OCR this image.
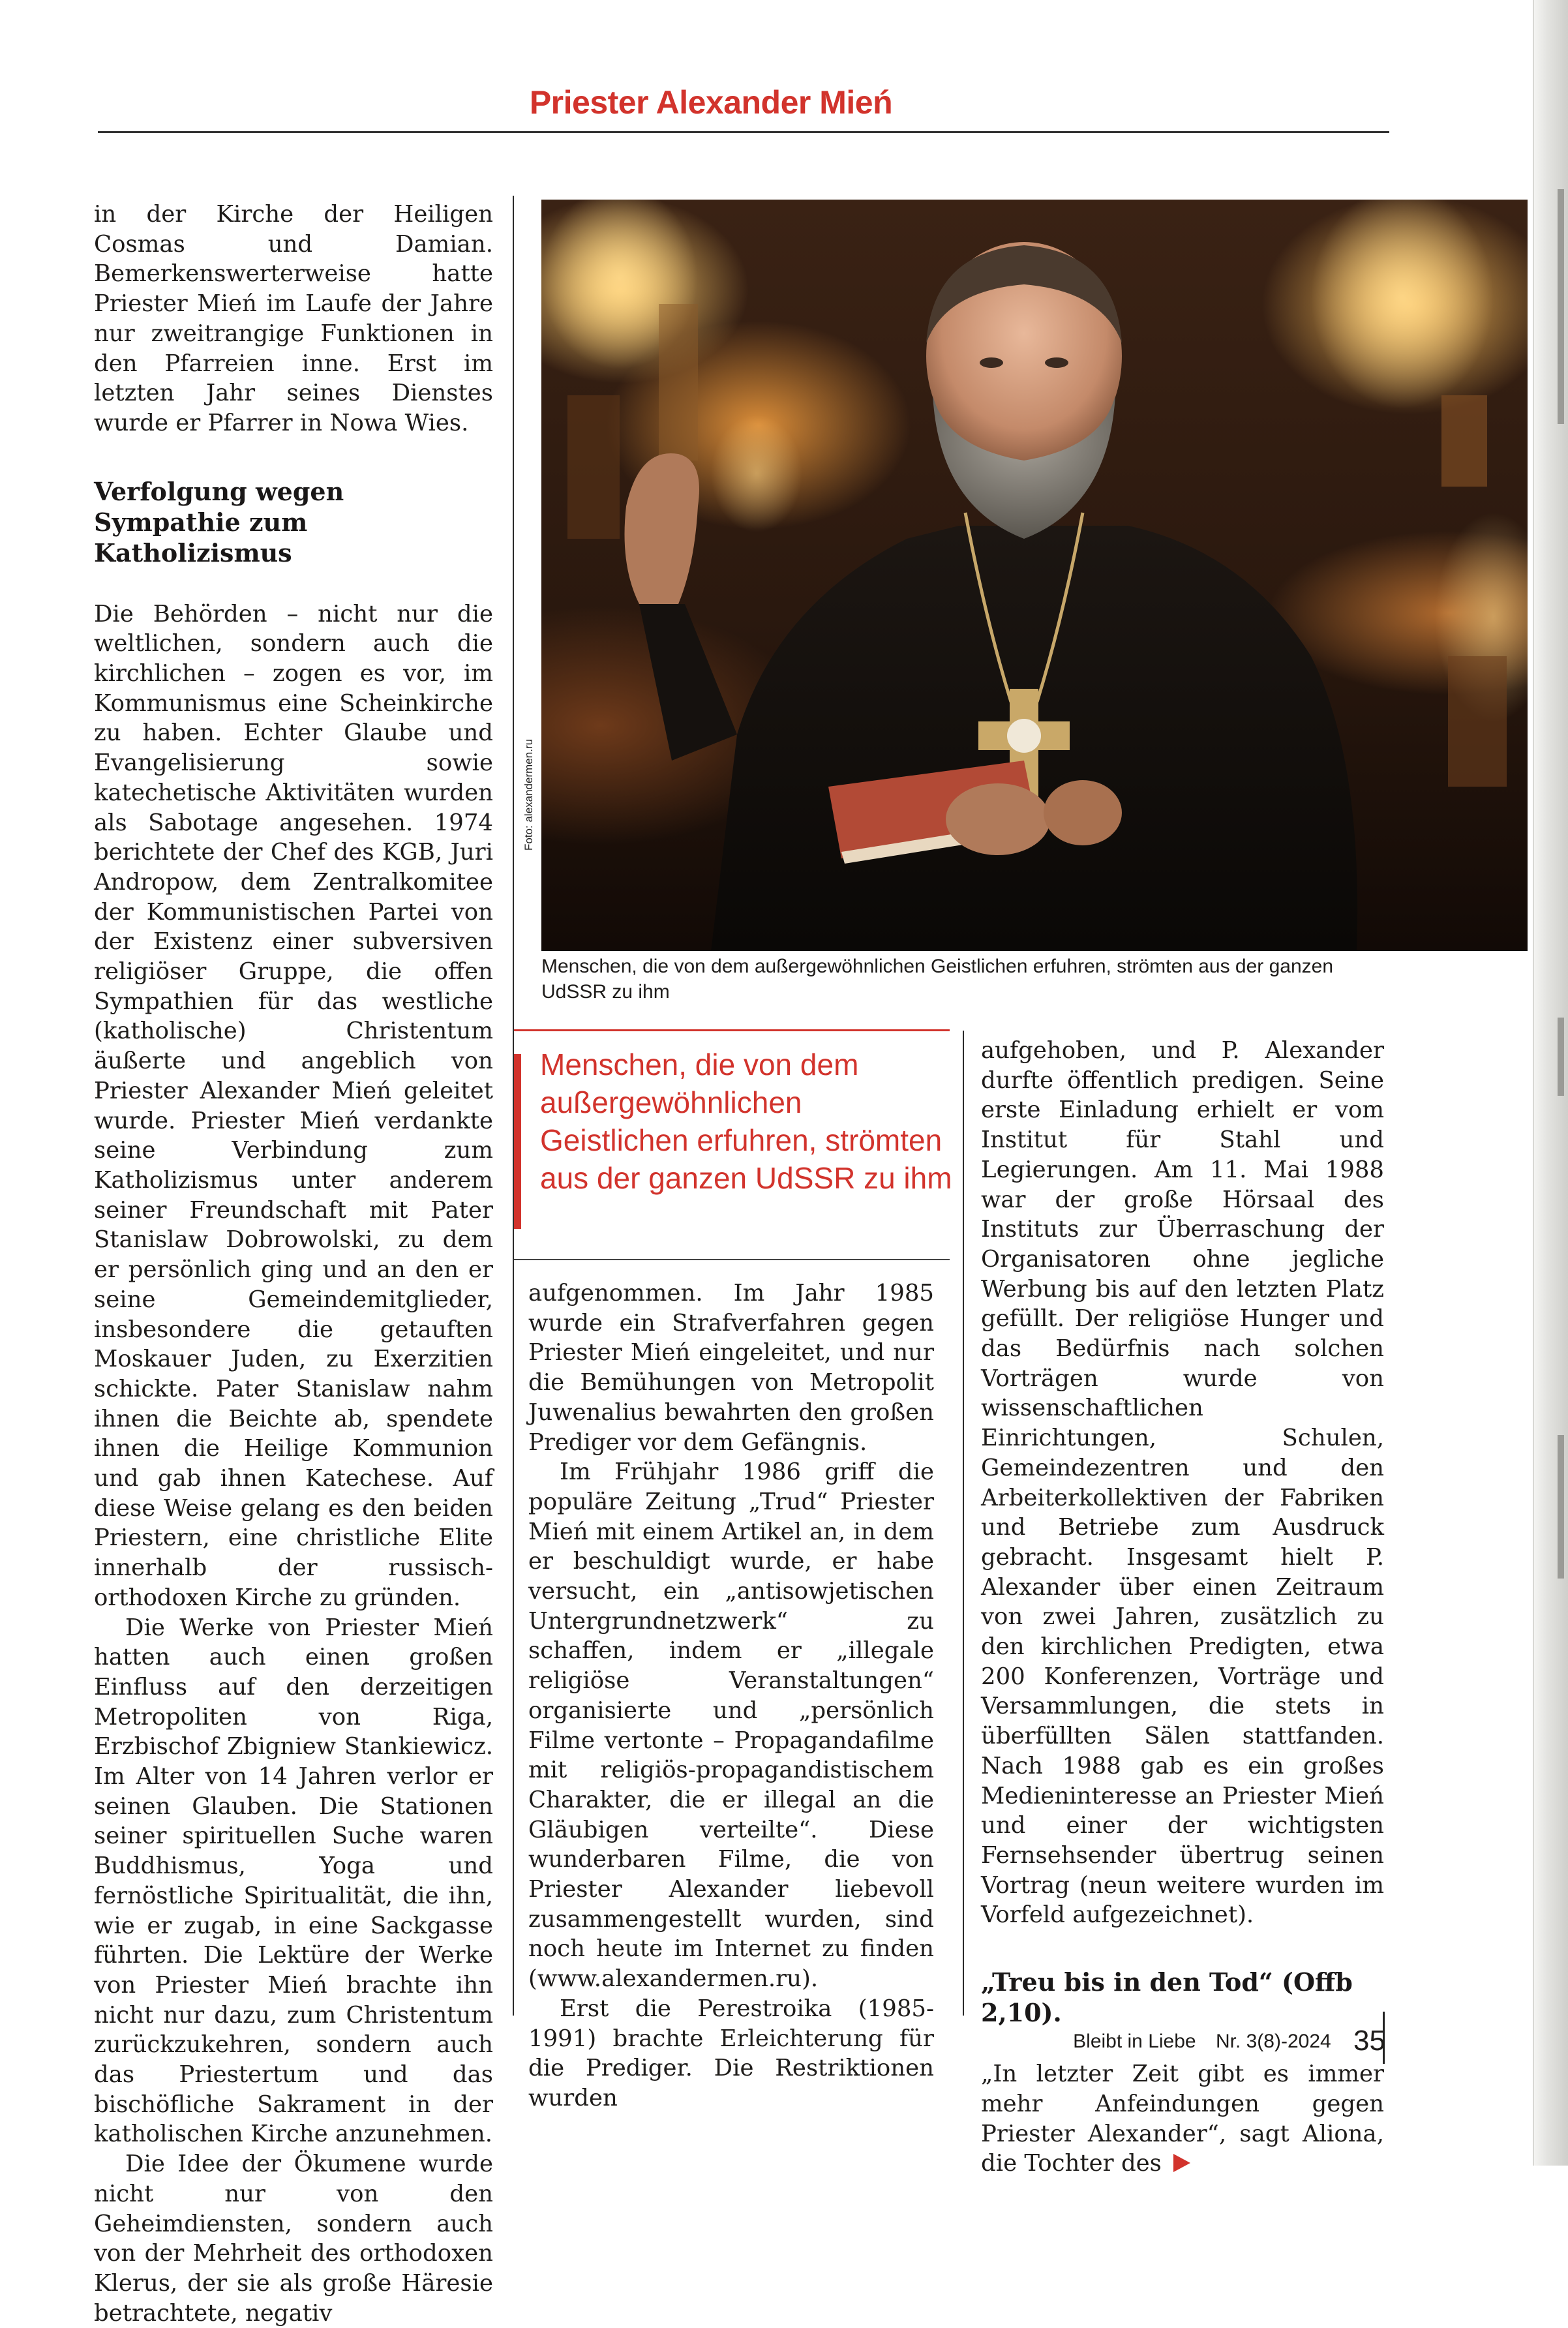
Priester Alexander Mień

in der Kirche der Heiligen Cosmas und Damian. Bemerkenswerterweise hatte Priester Mień im Laufe der Jahre nur zweitrangige Funktionen in den Pfarreien inne. Erst im letzten Jahr seines Dienstes wurde er Pfarrer in Nowa Wies.

Verfolgung wegen Sympathie zum Katholizismus

Die Behörden – nicht nur die weltlichen, sondern auch die kirchlichen – zogen es vor, im Kommunismus eine Scheinkirche zu haben. Echter Glaube und Evangelisierung sowie katechetische Aktivitäten wurden als Sabotage angesehen. 1974 berichtete der Chef des KGB, Juri Andropow, dem Zentralkomitee der Kommunistischen Partei von der Existenz einer subversiven religiöser Gruppe, die offen Sympathien für das westliche (katholische) Christentum äußerte und angeblich von Priester Alexander Mień geleitet wurde. Priester Mień verdankte seine Verbindung zum Katholizismus unter anderem seiner Freundschaft mit Pater Stanislaw Dobrowolski, zu dem er persönlich ging und an den er seine Gemeindemitglieder, insbesondere die getauften Moskauer Juden, zu Exerzitien schickte. Pater Stanislaw nahm ihnen die Beichte ab, spendete ihnen die Heilige Kommunion und gab ihnen Katechese. Auf diese Weise gelang es den beiden Priestern, eine christliche Elite innerhalb der russisch-orthodoxen Kirche zu gründen.

Die Werke von Priester Mień hatten auch einen großen Einfluss auf den derzeitigen Metropoliten von Riga, Erzbischof Zbigniew Stankiewicz. Im Alter von 14 Jahren verlor er seinen Glauben. Die Stationen seiner spirituellen Suche waren Buddhismus, Yoga und fernöstliche Spiritualität, die ihn, wie er zugab, in eine Sackgasse führten. Die Lektüre der Werke von Priester Mień brachte ihn nicht nur dazu, zum Christentum zurückzukehren, sondern auch das Priestertum und das bischöfliche Sakrament in der katholischen Kirche anzunehmen.

Die Idee der Ökumene wurde nicht nur von den Geheimdiensten, sondern auch von der Mehrheit des orthodoxen Klerus, der sie als große Häresie betrachtete, negativ

Foto: alexandermen.ru
Menschen, die von dem außergewöhnlichen Geistlichen erfuhren, strömten aus der ganzen UdSSR zu ihm
Menschen, die von dem außergewöhnlichen Geistlichen erfuhren, strömten aus der ganzen UdSSR zu ihm

aufgenommen. Im Jahr 1985 wurde ein Strafverfahren gegen Priester Mień eingeleitet, und nur die Bemühungen von Metropolit Juwenalius bewahrten den großen Prediger vor dem Gefängnis.

Im Frühjahr 1986 griff die populäre Zeitung „Trud“ Priester Mień mit einem Artikel an, in dem er beschuldigt wurde, er habe versucht, ein „antisowjetischen Untergrundnetzwerk“ zu schaffen, indem er „illegale religiöse Veranstaltungen“ organisierte und „persönlich Filme vertonte – Propagandafilme mit religiös-propagandistischem Charakter, die er illegal an die Gläubigen verteilte“. Diese wunderbaren Filme, die von Priester Alexander liebevoll zusammengestellt wurden, sind noch heute im Internet zu finden (www.alexandermen.ru).

Erst die Perestroika (1985-1991) brachte Erleichterung für die Prediger. Die Restriktionen wurden

aufgehoben, und P. Alexander durfte öffentlich predigen. Seine erste Einladung erhielt er vom Institut für Stahl und Legierungen. Am 11. Mai 1988 war der große Hörsaal des Instituts zur Überraschung der Organisatoren ohne jegliche Werbung bis auf den letzten Platz gefüllt. Der religiöse Hunger und das Bedürfnis nach solchen Vorträgen wurde von wissenschaftlichen Einrichtungen, Schulen, Gemeindezentren und den Arbeiterkollektiven der Fabriken und Betriebe zum Ausdruck gebracht. Insgesamt hielt P. Alexander über einen Zeitraum von zwei Jahren, zusätzlich zu den kirchlichen Predigten, etwa 200 Konferenzen, Vorträge und Versammlungen, die stets in überfüllten Sälen stattfanden. Nach 1988 gab es ein großes Medieninteresse an Priester Mień und einer der wichtigsten Fernsehsender übertrug seinen Vortrag (neun weitere wurden im Vorfeld aufgezeichnet).

„Treu bis in den Tod“ (Offb 2,10).

„In letzter Zeit gibt es immer mehr Anfeindungen gegen Priester Alexander“, sagt Aliona, die Tochter des

Bleibt in Liebe Nr. 3(8)-2024 35
